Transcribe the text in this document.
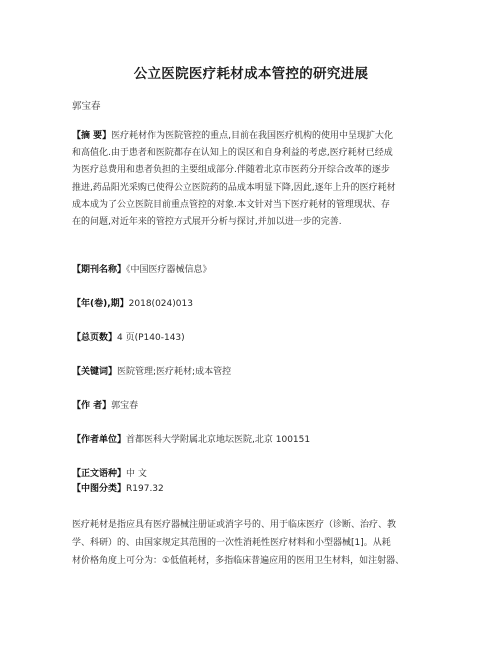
公立医院医疗耗材成本管控的研究进展
郭宝春
【摘 要】医疗耗材作为医院管控的重点,目前在我国医疗机构的使用中呈现扩大化
和高值化.由于患者和医院都存在认知上的误区和自身利益的考虑,医疗耗材已经成
为医疗总费用和患者负担的主要组成部分.伴随着北京市医药分开综合改革的逐步
推进,药品阳光采购已使得公立医院药的品成本明显下降,因此,逐年上升的医疗耗材
成本成为了公立医院目前重点管控的对象.本文针对当下医疗耗材的管理现状、存
在的问题,对近年来的管控方式展开分析与探讨,并加以进一步的完善.
【期刊名称】《中国医疗器械信息》
【年(卷),期】2018(024)013
【总页数】4 页(P140-143)
【关键词】医院管理;医疗耗材;成本管控
【作 者】郭宝春
【作者单位】首都医科大学附属北京地坛医院,北京 100151
【正文语种】中 文
【中图分类】R197.32
医疗耗材是指应具有医疗器械注册证或消字号的、用于临床医疗（诊断、治疗、教
学、科研）的、由国家规定其范围的一次性消耗性医疗材料和小型器械[1]。从耗
材价格角度上可分为：①低值耗材，多指临床普遍应用的医用卫生材料，如注射器、
